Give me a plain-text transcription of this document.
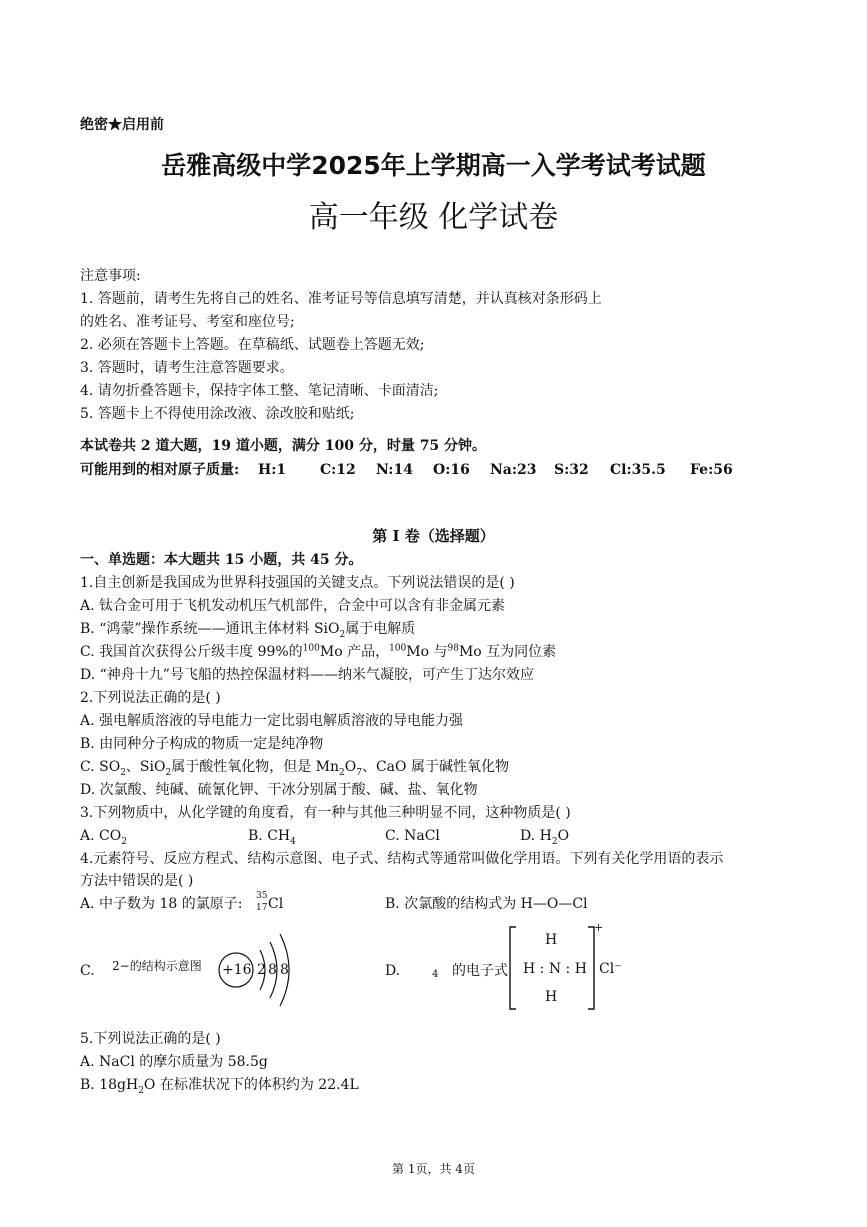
绝密★启用前
岳雅高级中学2025年上学期高一入学考试考试题
高一年级 化学试卷
注意事项:
1. 答题前，请考生先将自己的姓名、准考证号等信息填写清楚，并认真核对条形码上
的姓名、准考证号、考室和座位号;
2. 必须在答题卡上答题。在草稿纸、试题卷上答题无效;
3. 答题时，请考生注意答题要求。
4. 请勿折叠答题卡，保持字体工整、笔记清晰、卡面清洁;
5. 答题卡上不得使用涂改液、涂改胶和贴纸;
本试卷共 2 道大题，19 道小题，满分 100 分，时量 75 分钟。
可能用到的相对原子质量: H:1 C:12 N:14 O:16 Na:23 S:32 Cl:35.5 Fe:56
第 I 卷（选择题）
一、单选题：本大题共 15 小题，共 45 分。
1.自主创新是我国成为世界科技强国的关键支点。下列说法错误的是( )
A. 钛合金可用于飞机发动机压气机部件，合金中可以含有非金属元素
B. “鸿蒙”操作系统——通讯主体材料 SiO$_2$属于电解质
C. 我国首次获得公斤级丰度 99%的$^{100}$Mo 产品，$^{100}$Mo 与$^{98}$Mo 互为同位素
D. “神舟十九”号飞船的热控保温材料——纳米气凝胶，可产生丁达尔效应
2.下列说法正确的是( )
A. 强电解质溶液的导电能力一定比弱电解质溶液的导电能力强
B. 由同种分子构成的物质一定是纯净物
C. $SO_2$、SiO$_2$属于酸性氧化物，但是 $Mn_2O_7$、CaO 属于碱性氧化物
D. 次氯酸、纯碱、硫氰化钾、干冰分别属于酸、碱、盐、氧化物
3.下列物质中，从化学键的角度看，有一种与其他三种明显不同，这种物质是( )
A. $CO_2$	B. $CH_4$	C. NaCl	D. $H_2O$
4.元素符号、反应方程式、结构示意图、电子式、结构式等通常叫做化学用语。下列有关化学用语的表示
方法中错误的是( )
A. 中子数为 18 的氯原子: 35
17 Cl	B. 次氯酸的结构式为 H—O—Cl
C. 2−的结构示意图 +16 2 8 8	D.	4 的电子式
H
H : N : H
H
+
Cl⁻
5.下列说法正确的是( )
A. NaCl 的摩尔质量为 58.5g
B. $18gH_2O$ 在标准状况下的体积约为 22.4L
第 1页，共 4页
